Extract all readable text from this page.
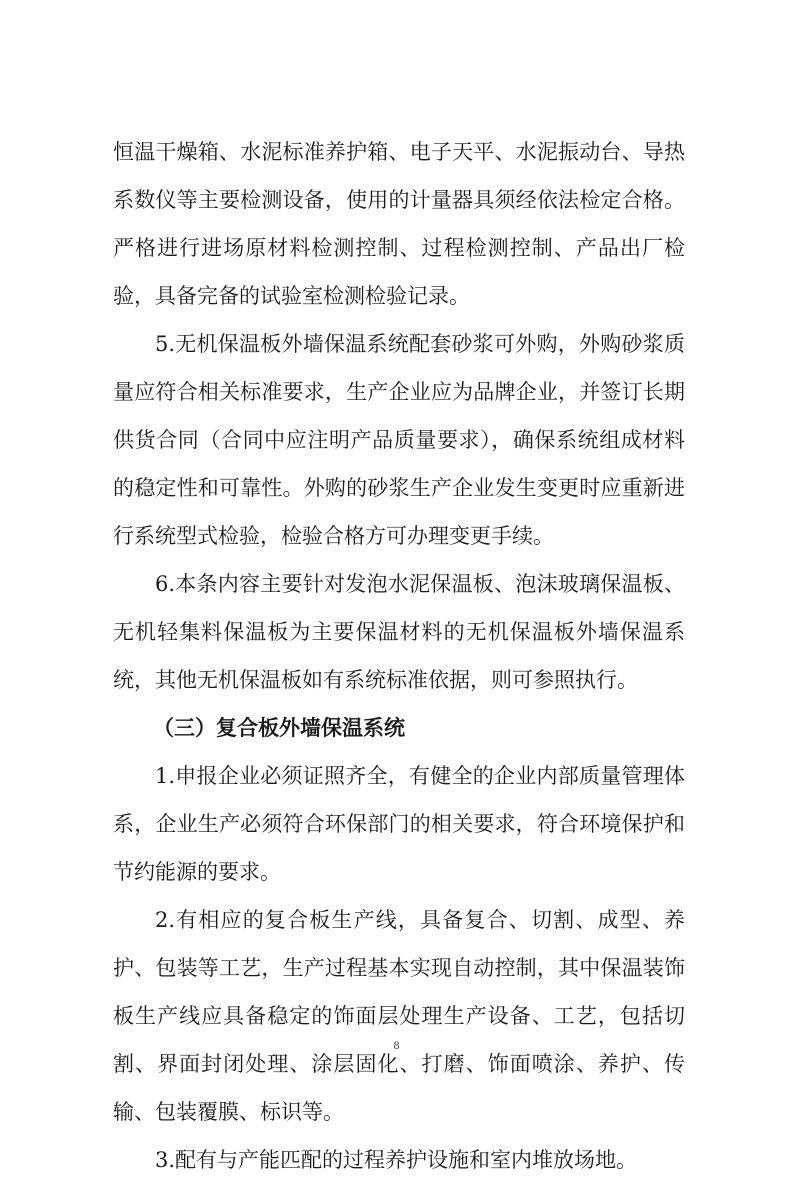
恒温干燥箱、水泥标准养护箱、电子天平、水泥振动台、导热系数仪等主要检测设备，使用的计量器具须经依法检定合格。严格进行进场原材料检测控制、过程检测控制、产品出厂检验，具备完备的试验室检测检验记录。

5.无机保温板外墙保温系统配套砂浆可外购，外购砂浆质量应符合相关标准要求，生产企业应为品牌企业，并签订长期供货合同（合同中应注明产品质量要求），确保系统组成材料的稳定性和可靠性。外购的砂浆生产企业发生变更时应重新进行系统型式检验，检验合格方可办理变更手续。

6.本条内容主要针对发泡水泥保温板、泡沫玻璃保温板、无机轻集料保温板为主要保温材料的无机保温板外墙保温系统，其他无机保温板如有系统标准依据，则可参照执行。

（三）复合板外墙保温系统

1.申报企业必须证照齐全，有健全的企业内部质量管理体系，企业生产必须符合环保部门的相关要求，符合环境保护和节约能源的要求。

2.有相应的复合板生产线，具备复合、切割、成型、养护、包装等工艺，生产过程基本实现自动控制，其中保温装饰板生产线应具备稳定的饰面层处理生产设备、工艺，包括切割、界面封闭处理、涂层固化、打磨、饰面喷涂、养护、传输、包装覆膜、标识等。

3.配有与产能匹配的过程养护设施和室内堆放场地。

8
